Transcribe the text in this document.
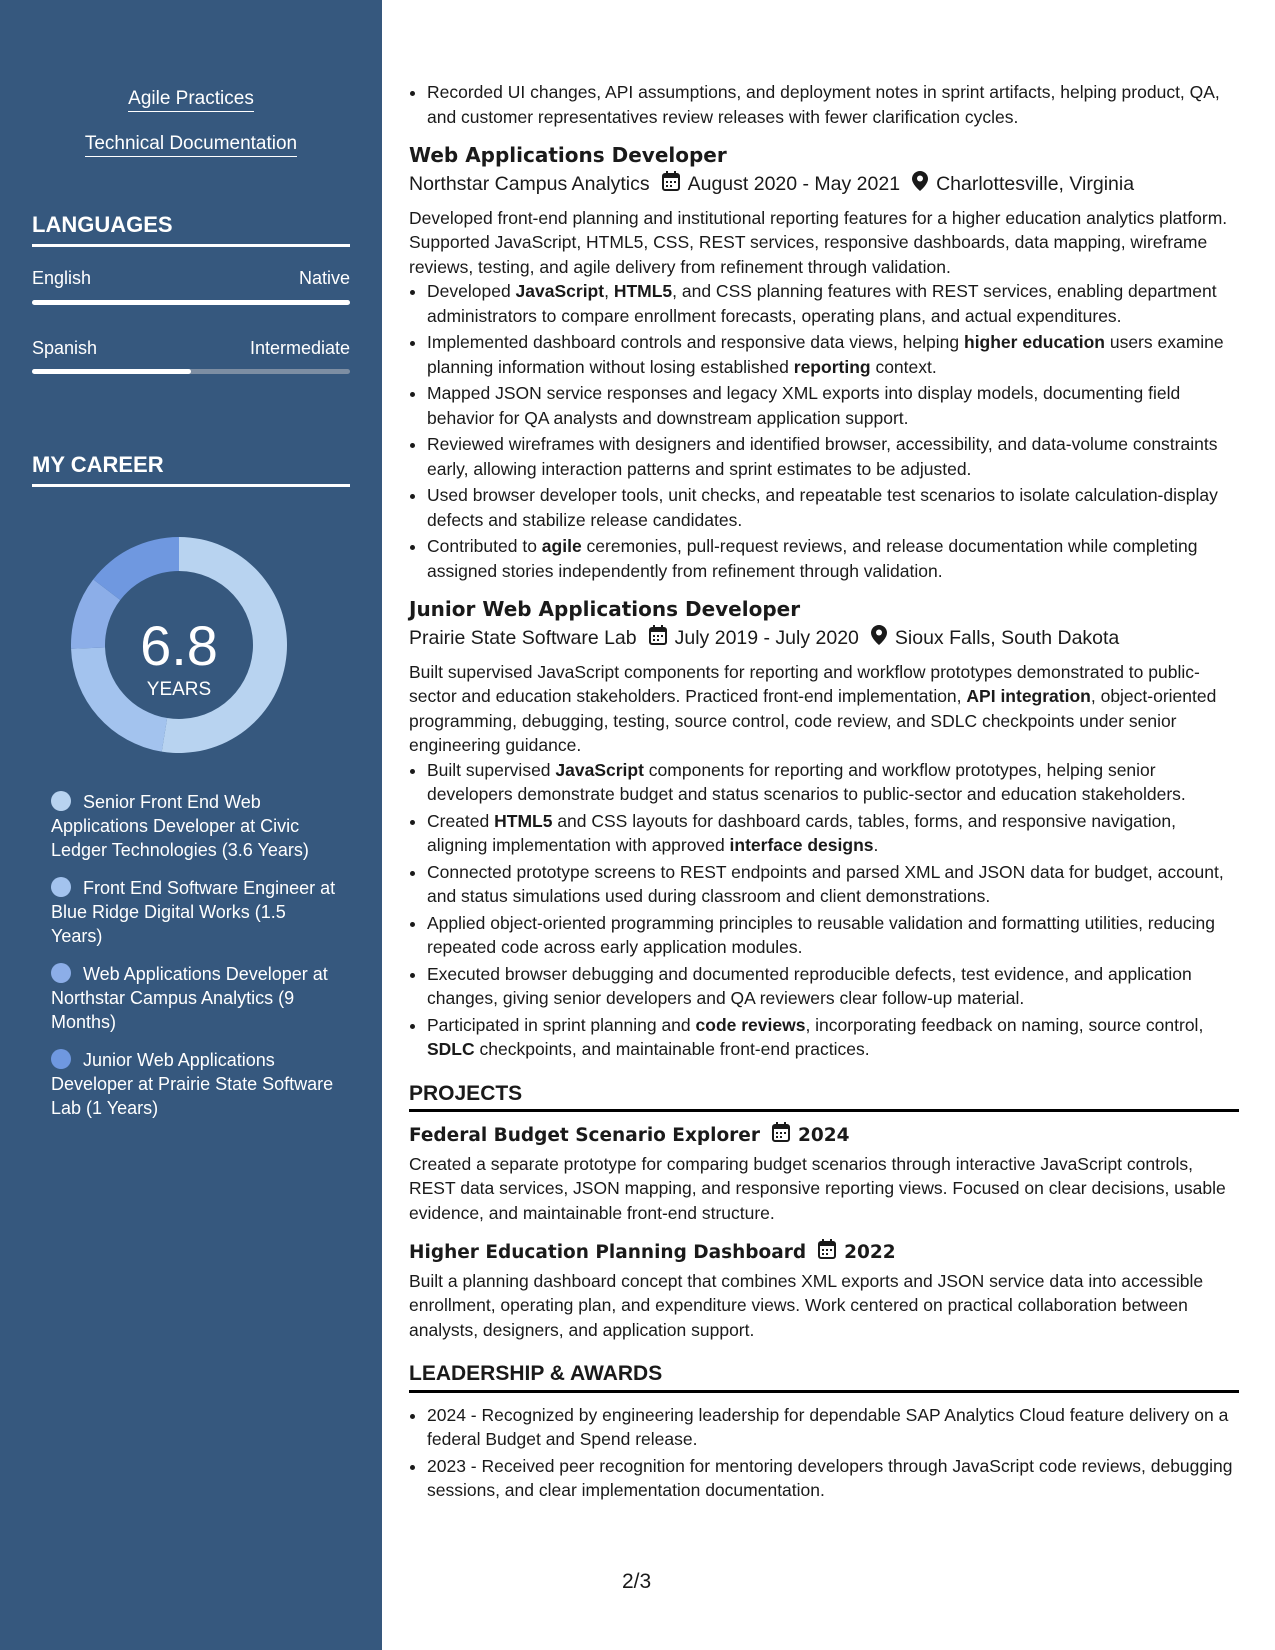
Agile Practices
Technical Documentation
LANGUAGES
English	Native
Spanish	Intermediate
MY CAREER
6.8
YEARS
Senior Front End Web Applications Developer at Civic Ledger Technologies (3.6 Years)
Front End Software Engineer at Blue Ridge Digital Works (1.5 Years)
Web Applications Developer at Northstar Campus Analytics (9 Months)
Junior Web Applications Developer at Prairie State Software Lab (1 Years)
• Recorded UI changes, API assumptions, and deployment notes in sprint artifacts, helping product, QA, and customer representatives review releases with fewer clarification cycles.
Web Applications Developer
Northstar Campus Analytics August 2020 - May 2021 Charlottesville, Virginia
Developed front-end planning and institutional reporting features for a higher education analytics platform. Supported JavaScript, HTML5, CSS, REST services, responsive dashboards, data mapping, wireframe reviews, testing, and agile delivery from refinement through validation.
• Developed JavaScript, HTML5, and CSS planning features with REST services, enabling department administrators to compare enrollment forecasts, operating plans, and actual expenditures.
• Implemented dashboard controls and responsive data views, helping higher education users examine planning information without losing established reporting context.
• Mapped JSON service responses and legacy XML exports into display models, documenting field behavior for QA analysts and downstream application support.
• Reviewed wireframes with designers and identified browser, accessibility, and data-volume constraints early, allowing interaction patterns and sprint estimates to be adjusted.
• Used browser developer tools, unit checks, and repeatable test scenarios to isolate calculation-display defects and stabilize release candidates.
• Contributed to agile ceremonies, pull-request reviews, and release documentation while completing assigned stories independently from refinement through validation.
Junior Web Applications Developer
Prairie State Software Lab July 2019 - July 2020 Sioux Falls, South Dakota
Built supervised JavaScript components for reporting and workflow prototypes demonstrated to public-sector and education stakeholders. Practiced front-end implementation, API integration, object-oriented programming, debugging, testing, source control, code review, and SDLC checkpoints under senior engineering guidance.
• Built supervised JavaScript components for reporting and workflow prototypes, helping senior developers demonstrate budget and status scenarios to public-sector and education stakeholders.
• Created HTML5 and CSS layouts for dashboard cards, tables, forms, and responsive navigation, aligning implementation with approved interface designs.
• Connected prototype screens to REST endpoints and parsed XML and JSON data for budget, account, and status simulations used during classroom and client demonstrations.
• Applied object-oriented programming principles to reusable validation and formatting utilities, reducing repeated code across early application modules.
• Executed browser debugging and documented reproducible defects, test evidence, and application changes, giving senior developers and QA reviewers clear follow-up material.
• Participated in sprint planning and code reviews, incorporating feedback on naming, source control, SDLC checkpoints, and maintainable front-end practices.
PROJECTS
Federal Budget Scenario Explorer 2024
Created a separate prototype for comparing budget scenarios through interactive JavaScript controls, REST data services, JSON mapping, and responsive reporting views. Focused on clear decisions, usable evidence, and maintainable front-end structure.
Higher Education Planning Dashboard 2022
Built a planning dashboard concept that combines XML exports and JSON service data into accessible enrollment, operating plan, and expenditure views. Work centered on practical collaboration between analysts, designers, and application support.
LEADERSHIP & AWARDS
• 2024 - Recognized by engineering leadership for dependable SAP Analytics Cloud feature delivery on a federal Budget and Spend release.
• 2023 - Received peer recognition for mentoring developers through JavaScript code reviews, debugging sessions, and clear implementation documentation.
2/3
